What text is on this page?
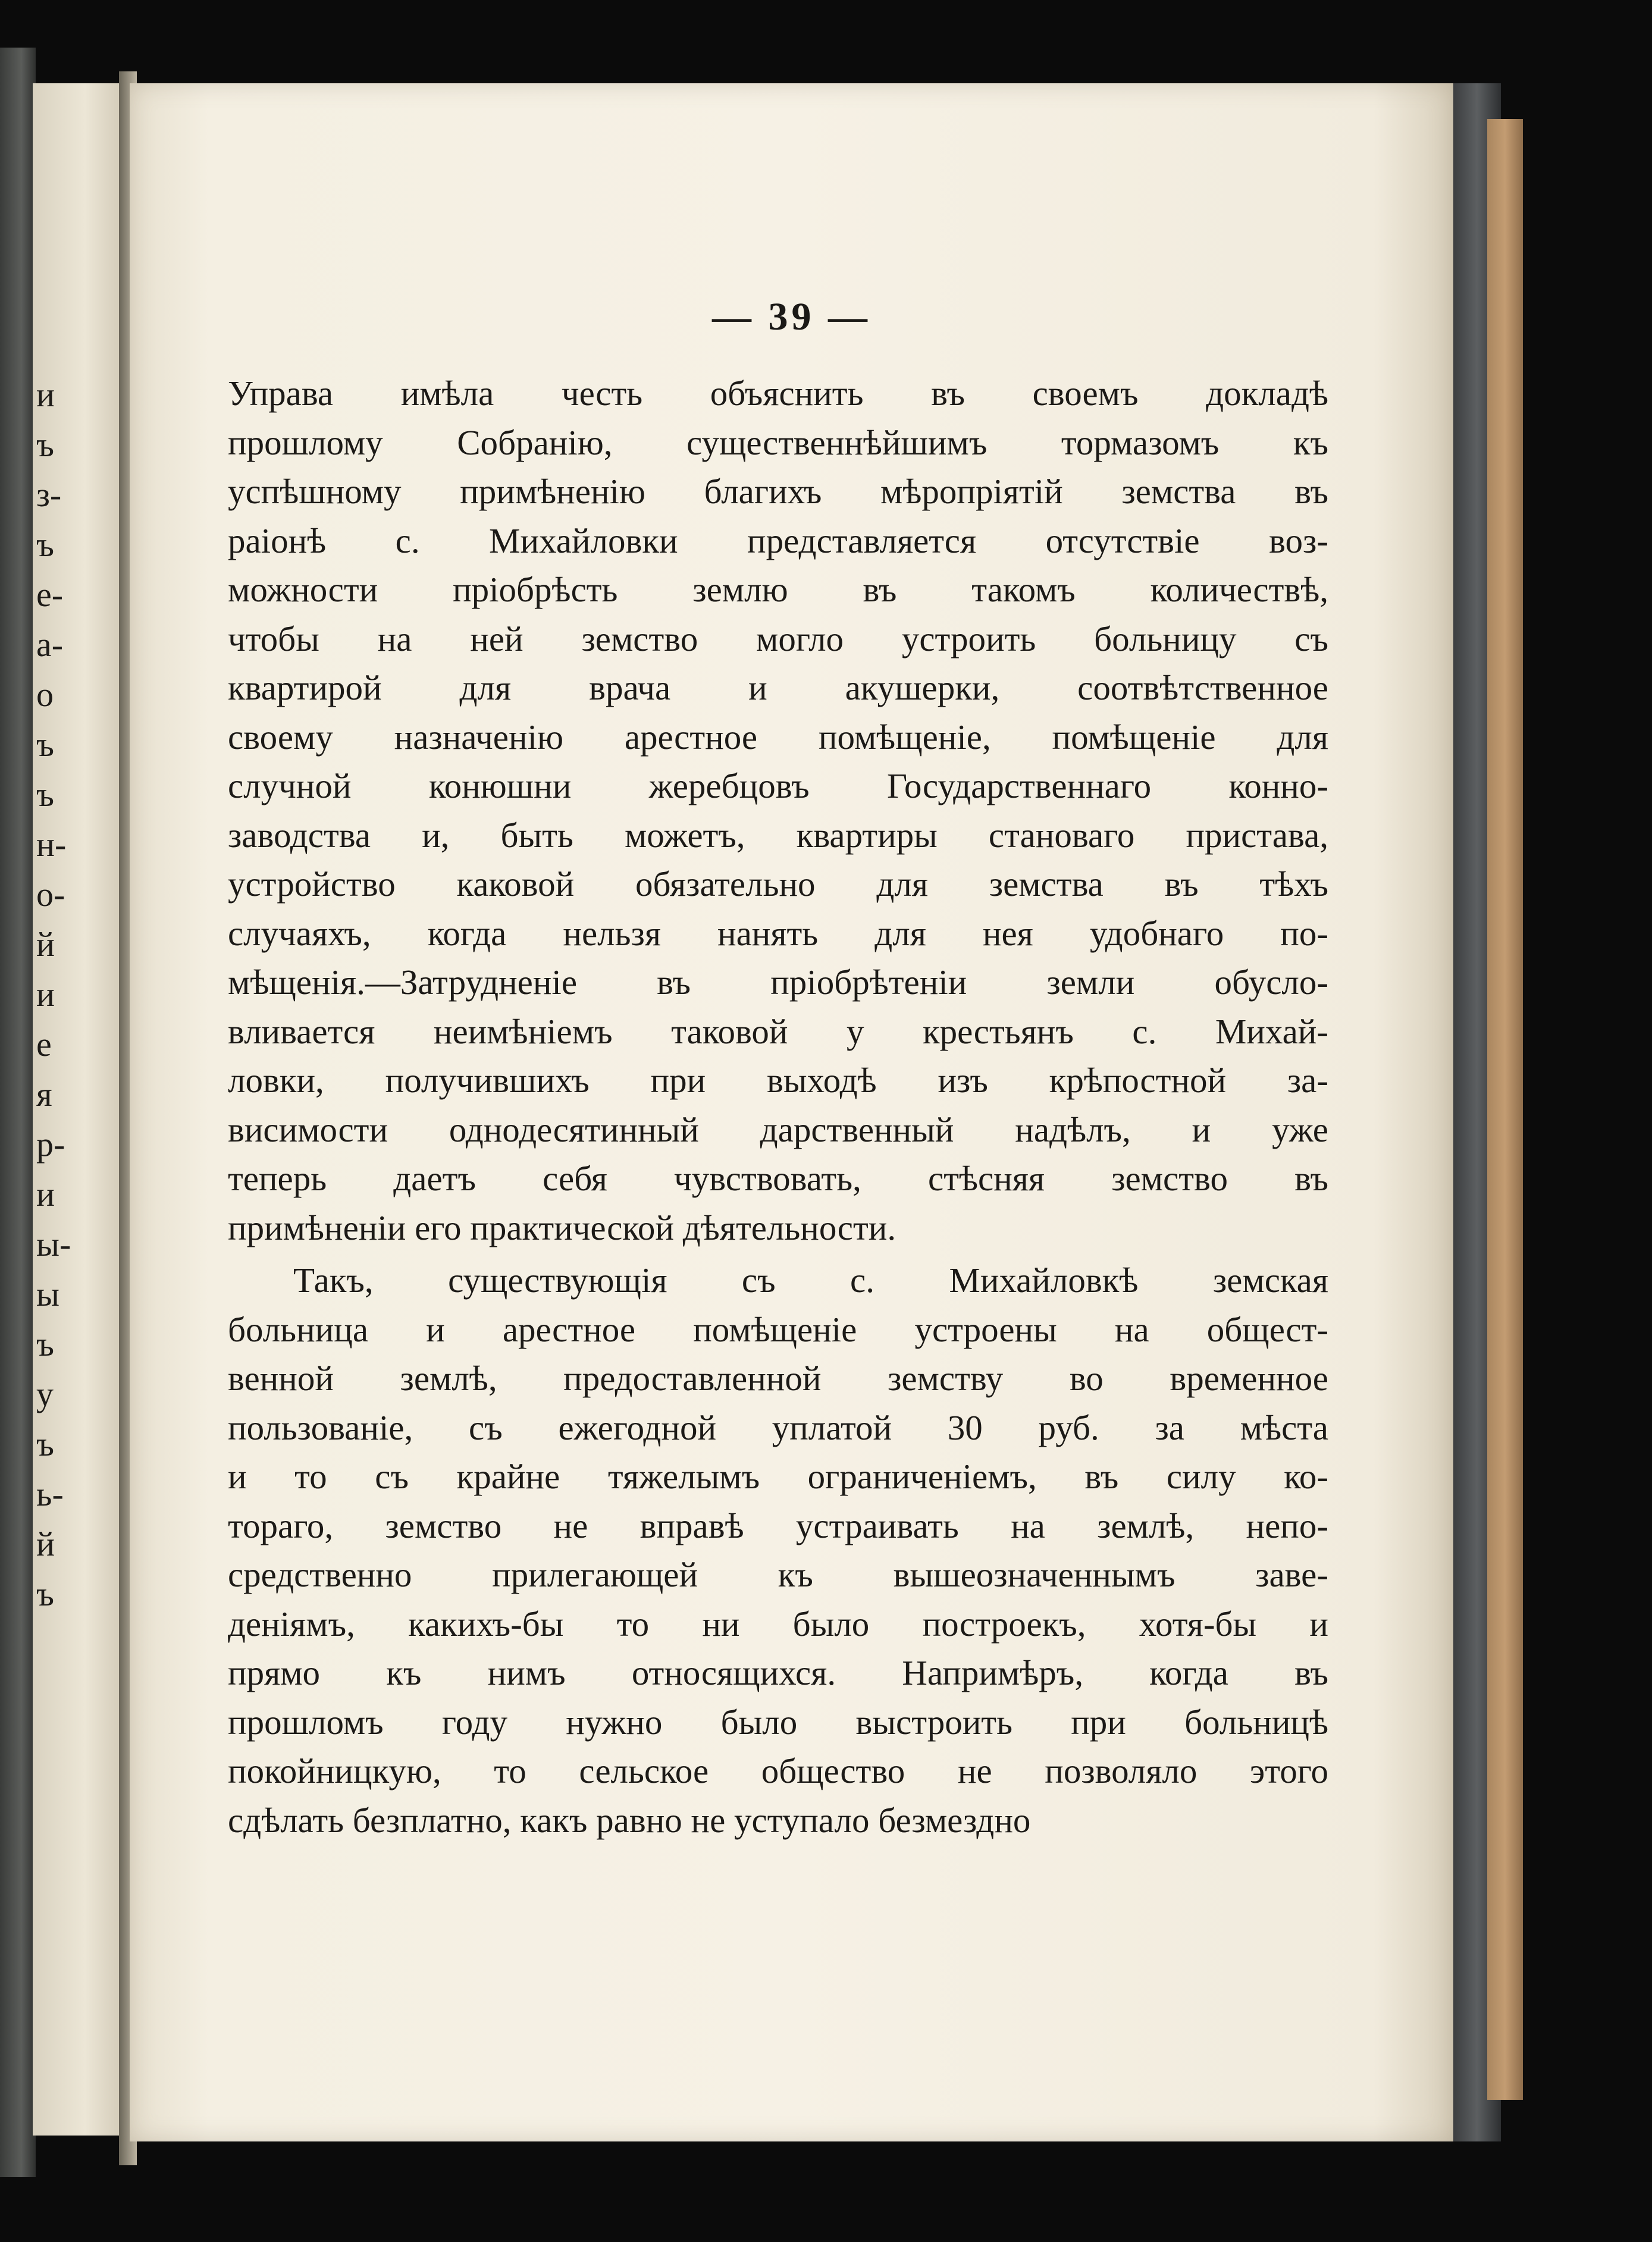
и
ъ
з-
ъ
е-
а-
о
ъ
ъ
н-
о-
й
и
е
я
р-
и
ы-
ы
ъ
у
ъ
ь-
й
ъ
— 39 —
Управа имѣла честь объяснить въ своемъ докладѣ
прошлому Собранію, существеннѣйшимъ тормазомъ къ
успѣшному примѣненію благихъ мѣропріятій земства въ
раіонѣ с. Михайловки представляется отсутствіе воз-
можности пріобрѣсть землю въ такомъ количествѣ,
чтобы на ней земство могло устроить больницу съ
квартирой для врача и акушерки, соотвѣтственное
своему назначенію арестное помѣщеніе, помѣщеніе для
случной конюшни жеребцовъ Государственнаго конно-
заводства и, быть можетъ, квартиры становаго пристава,
устройство каковой обязательно для земства въ тѣхъ
случаяхъ, когда нельзя нанять для нея удобнаго по-
мѣщенія.—Затрудненіе въ пріобрѣтеніи земли обусло-
вливается неимѣніемъ таковой у крестьянъ с. Михай-
ловки, получившихъ при выходѣ изъ крѣпостной за-
висимости однодесятинный дарственный надѣлъ, и уже
теперь даетъ себя чувствовать, стѣсняя земство въ
примѣненіи его практической дѣятельности.
Такъ, существующія съ с. Михайловкѣ земская
больница и арестное помѣщеніе устроены на общест-
венной землѣ, предоставленной земству во временное
пользованіе, съ ежегодной уплатой 30 руб. за мѣста
и то съ крайне тяжелымъ ограниченіемъ, въ силу ко-
тораго, земство не вправѣ устраивать на землѣ, непо-
средственно прилегающей къ вышеозначеннымъ заве-
деніямъ, какихъ-бы то ни было построекъ, хотя-бы и
прямо къ нимъ относящихся. Напримѣръ, когда въ
прошломъ году нужно было выстроить при больницѣ
покойницкую, то сельское общество не позволяло этого
сдѣлать безплатно, какъ равно не уступало безмездно
